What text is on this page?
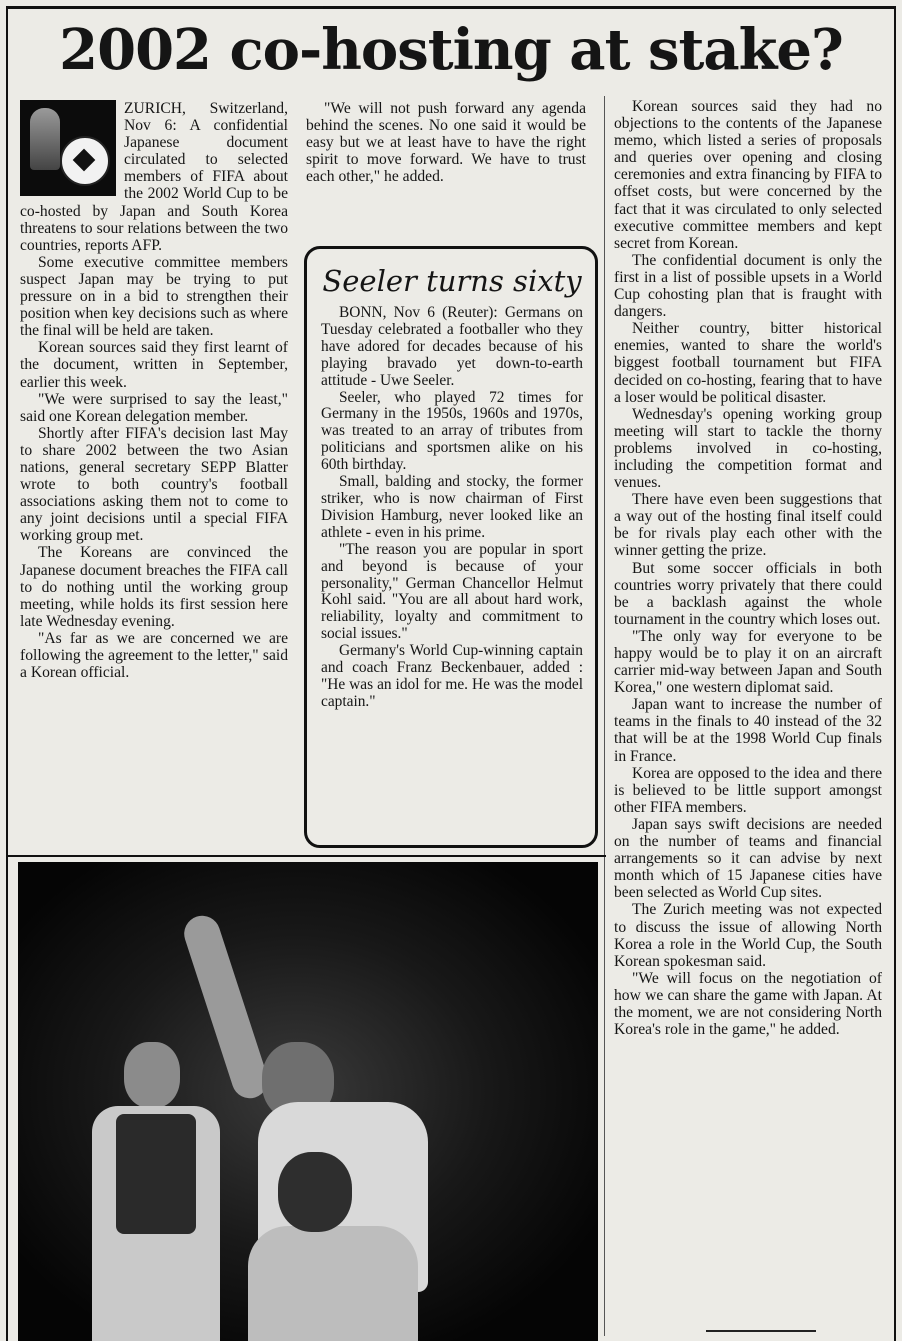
2002 co-hosting at stake?

ZURICH, Switzerland, Nov 6: A confidential Japanese document circulated to selected members of FIFA about the 2002 World Cup to be co-hosted by Japan and South Korea threatens to sour relations between the two countries, reports AFP.

Some executive committee members suspect Japan may be trying to put pressure on in a bid to strengthen their position when key decisions such as where the final will be held are taken.

Korean sources said they first learnt of the document, written in September, earlier this week.

"We were surprised to say the least," said one Korean delegation member.

Shortly after FIFA's decision last May to share 2002 between the two Asian nations, general secretary SEPP Blatter wrote to both country's football associations asking them not to come to any joint decisions until a special FIFA working group met.

The Koreans are convinced the Japanese document breaches the FIFA call to do nothing until the working group meeting, while holds its first session here late Wednesday evening.

"As far as we are concerned we are following the agreement to the letter," said a Korean official.

"We will not push forward any agenda behind the scenes. No one said it would be easy but we at least have to have the right spirit to move forward. We have to trust each other," he added.

Seeler turns sixty

BONN, Nov 6 (Reuter): Germans on Tuesday celebrated a footballer who they have adored for decades because of his playing bravado yet down-to-earth attitude - Uwe Seeler.

Seeler, who played 72 times for Germany in the 1950s, 1960s and 1970s, was treated to an array of tributes from politicians and sportsmen alike on his 60th birthday.

Small, balding and stocky, the former striker, who is now chairman of First Division Hamburg, never looked like an athlete - even in his prime.

"The reason you are popular in sport and beyond is because of your personality," German Chancellor Helmut Kohl said. "You are all about hard work, reliability, loyalty and commitment to social issues."

Germany's World Cup-winning captain and coach Franz Beckenbauer, added : "He was an idol for me. He was the model captain."

Korean sources said they had no objections to the contents of the Japanese memo, which listed a series of proposals and queries over opening and closing ceremonies and extra financing by FIFA to offset costs, but were concerned by the fact that it was circulated to only selected executive committee members and kept secret from Korean.

The confidential document is only the first in a list of possible upsets in a World Cup cohosting plan that is fraught with dangers.

Neither country, bitter historical enemies, wanted to share the world's biggest football tournament but FIFA decided on co-hosting, fearing that to have a loser would be political disaster.

Wednesday's opening working group meeting will start to tackle the thorny problems involved in co-hosting, including the competition format and venues.

There have even been suggestions that a way out of the hosting final itself could be for rivals play each other with the winner getting the prize.

But some soccer officials in both countries worry privately that there could be a backlash against the whole tournament in the country which loses out.

"The only way for everyone to be happy would be to play it on an aircraft carrier mid-way between Japan and South Korea," one western diplomat said.

Japan want to increase the number of teams in the finals to 40 instead of the 32 that will be at the 1998 World Cup finals in France.

Korea are opposed to the idea and there is believed to be little support amongst other FIFA members.

Japan says swift decisions are needed on the number of teams and financial arrangements so it can advise by next month which of 15 Japanese cities have been selected as World Cup sites.

The Zurich meeting was not expected to discuss the issue of allowing North Korea a role in the World Cup, the South Korean spokesman said.

"We will focus on the negotiation of how we can share the game with Japan. At the moment, we are not considering North Korea's role in the game," he added.
